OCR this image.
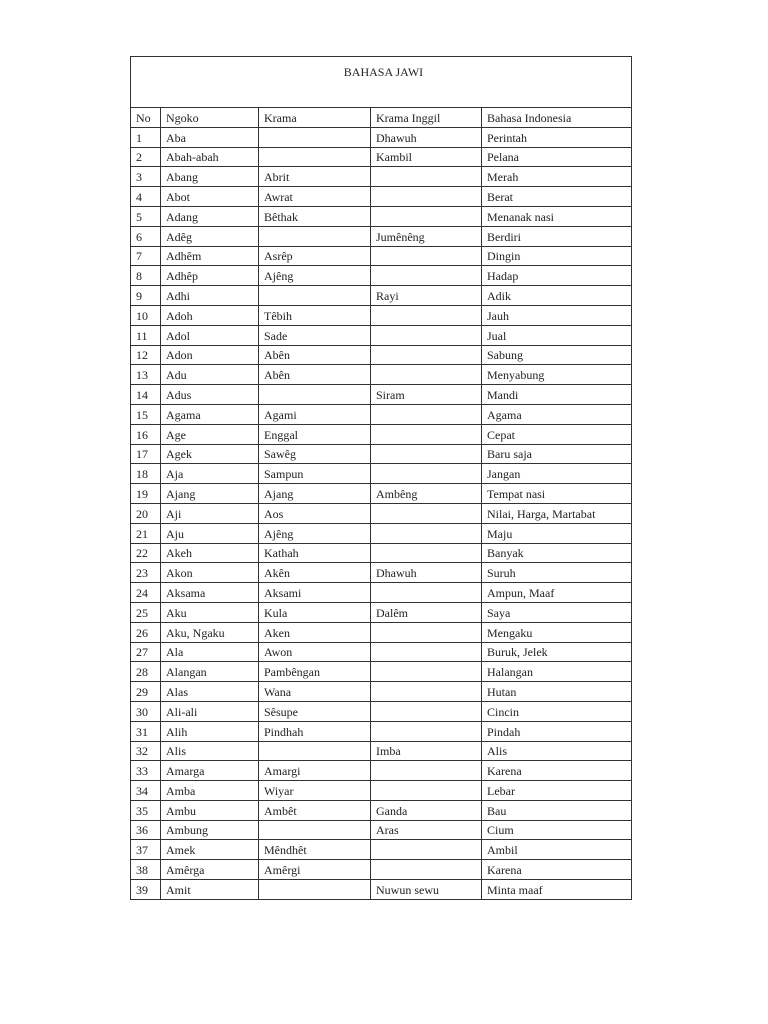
BAHASA JAWI				
No	Ngoko	Krama	Krama Inggil	Bahasa Indonesia
1	Aba		Dhawuh	Perintah
2	Abah-abah		Kambil	Pelana
3	Abang	Abrit		Merah
4	Abot	Awrat		Berat
5	Adang	Bêthak		Menanak nasi
6	Adêg		Jumênêng	Berdiri
7	Adhêm	Asrêp		Dingin
8	Adhêp	Ajêng		Hadap
9	Adhi		Rayi	Adik
10	Adoh	Têbih		Jauh
11	Adol	Sade		Jual
12	Adon	Abên		Sabung
13	Adu	Abên		Menyabung
14	Adus		Siram	Mandi
15	Agama	Agami		Agama
16	Age	Enggal		Cepat
17	Agek	Sawêg		Baru saja
18	Aja	Sampun		Jangan
19	Ajang	Ajang	Ambêng	Tempat nasi
20	Aji	Aos		Nilai, Harga, Martabat
21	Aju	Ajêng		Maju
22	Akeh	Kathah		Banyak
23	Akon	Akên	Dhawuh	Suruh
24	Aksama	Aksami		Ampun, Maaf
25	Aku	Kula	Dalêm	Saya
26	Aku, Ngaku	Aken		Mengaku
27	Ala	Awon		Buruk, Jelek
28	Alangan	Pambêngan		Halangan
29	Alas	Wana		Hutan
30	Ali-ali	Sêsupe		Cincin
31	Alih	Pindhah		Pindah
32	Alis		Imba	Alis
33	Amarga	Amargi		Karena
34	Amba	Wiyar		Lebar
35	Ambu	Ambêt	Ganda	Bau
36	Ambung		Aras	Cium
37	Amek	Mêndhêt		Ambil
38	Amêrga	Amêrgi		Karena
39	Amit		Nuwun sewu	Minta maaf
